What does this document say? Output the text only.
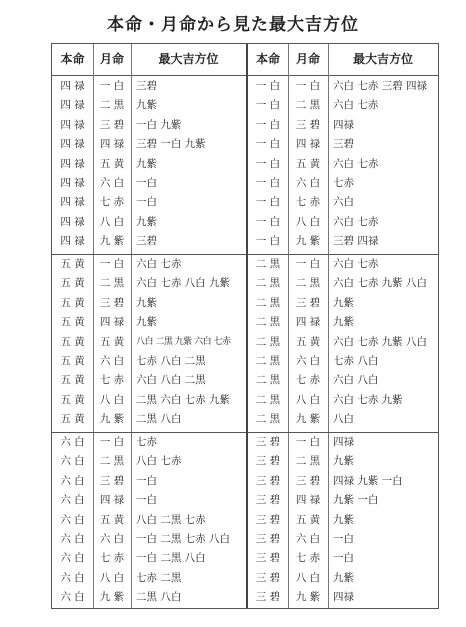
本命・月命から見た最大吉方位
本命	月命	最大吉方位
四 禄	一 白	三碧
四 禄	二 黒	九紫
四 禄	三 碧	一白 九紫
四 禄	四 禄	三碧 一白 九紫
四 禄	五 黄	九紫
四 禄	六 白	一白
四 禄	七 赤	一白
四 禄	八 白	九紫
四 禄	九 紫	三碧
五 黄	一 白	六白 七赤
五 黄	二 黒	六白 七赤 八白 九紫
五 黄	三 碧	九紫
五 黄	四 禄	九紫
五 黄	五 黄	八白 二黒 九紫 六白 七赤
五 黄	六 白	七赤 八白 二黒
五 黄	七 赤	六白 八白 二黒
五 黄	八 白	二黒 六白 七赤 九紫
五 黄	九 紫	二黒 八白
六 白	一 白	七赤
六 白	二 黒	八白 七赤
六 白	三 碧	一白
六 白	四 禄	一白
六 白	五 黄	八白 二黒 七赤
六 白	六 白	一白 二黒 七赤 八白
六 白	七 赤	一白 二黒 八白
六 白	八 白	七赤 二黒
六 白	九 紫	二黒 八白
本命	月命	最大吉方位
一 白	一 白	六白 七赤 三碧 四禄
一 白	二 黒	六白 七赤
一 白	三 碧	四禄
一 白	四 禄	三碧
一 白	五 黄	六白 七赤
一 白	六 白	七赤
一 白	七 赤	六白
一 白	八 白	六白 七赤
一 白	九 紫	三碧 四禄
二 黒	一 白	六白 七赤
二 黒	二 黒	六白 七赤 九紫 八白
二 黒	三 碧	九紫
二 黒	四 禄	九紫
二 黒	五 黄	六白 七赤 九紫 八白
二 黒	六 白	七赤 八白
二 黒	七 赤	六白 八白
二 黒	八 白	六白 七赤 九紫
二 黒	九 紫	八白
三 碧	一 白	四禄
三 碧	二 黒	九紫
三 碧	三 碧	四禄 九紫 一白
三 碧	四 禄	九紫 一白
三 碧	五 黄	九紫
三 碧	六 白	一白
三 碧	七 赤	一白
三 碧	八 白	九紫
三 碧	九 紫	四禄
